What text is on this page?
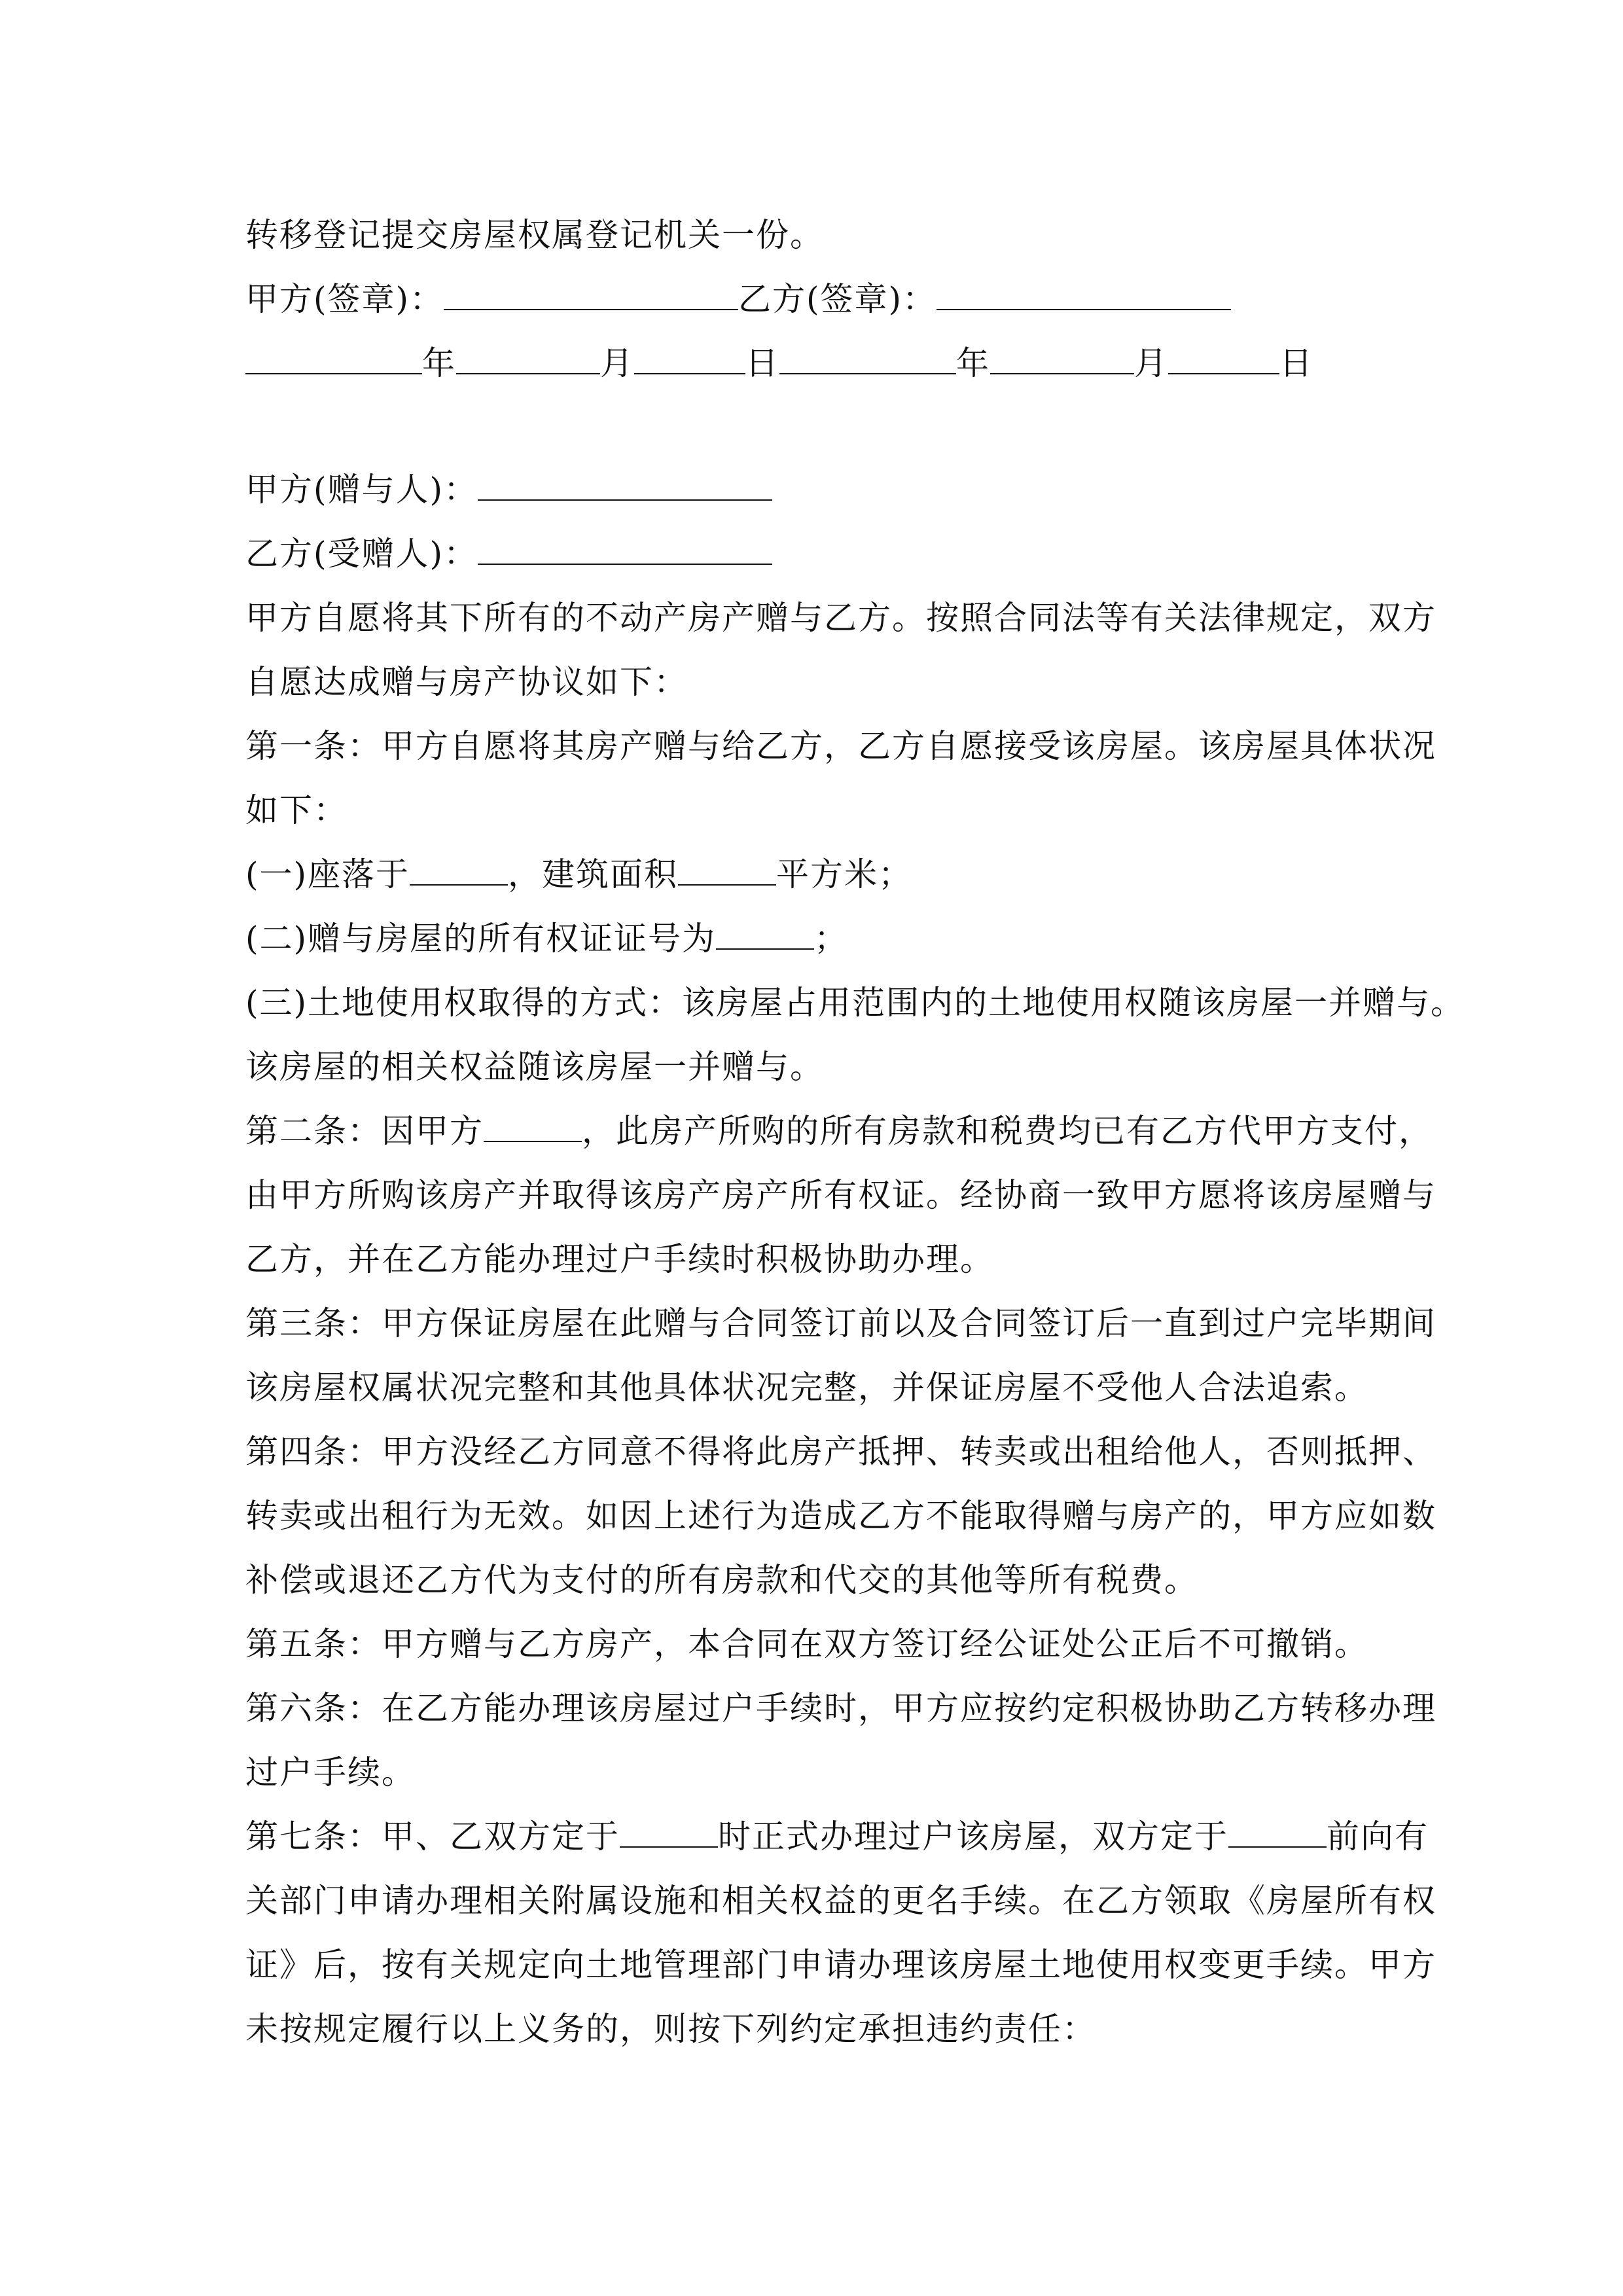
转移登记提交房屋权属登记机关一份。
甲方(签章)：	乙方(签章)：
年	月	日	年	月	日
甲方(赠与人)：
乙方(受赠人)：
甲方自愿将其下所有的不动产房产赠与乙方。按照合同法等有关法律规定，双方
自愿达成赠与房产协议如下：
第一条：甲方自愿将其房产赠与给乙方，乙方自愿接受该房屋。该房屋具体状况
如下：
(一)座落于	，建筑面积	平方米；
(二)赠与房屋的所有权证证号为	；
(三)土地使用权取得的方式：该房屋占用范围内的土地使用权随该房屋一并赠与。
该房屋的相关权益随该房屋一并赠与。
第二条：因甲方	，此房产所购的所有房款和税费均已有乙方代甲方支付，
由甲方所购该房产并取得该房产房产所有权证。经协商一致甲方愿将该房屋赠与
乙方，并在乙方能办理过户手续时积极协助办理。
第三条：甲方保证房屋在此赠与合同签订前以及合同签订后一直到过户完毕期间
该房屋权属状况完整和其他具体状况完整，并保证房屋不受他人合法追索。
第四条：甲方没经乙方同意不得将此房产抵押、转卖或出租给他人，否则抵押、
转卖或出租行为无效。如因上述行为造成乙方不能取得赠与房产的，甲方应如数
补偿或退还乙方代为支付的所有房款和代交的其他等所有税费。
第五条：甲方赠与乙方房产，本合同在双方签订经公证处公正后不可撤销。
第六条：在乙方能办理该房屋过户手续时，甲方应按约定积极协助乙方转移办理
过户手续。
第七条：甲、乙双方定于	时正式办理过户该房屋，双方定于	前向有
关部门申请办理相关附属设施和相关权益的更名手续。在乙方领取《房屋所有权
证》后，按有关规定向土地管理部门申请办理该房屋土地使用权变更手续。甲方
未按规定履行以上义务的，则按下列约定承担违约责任：
